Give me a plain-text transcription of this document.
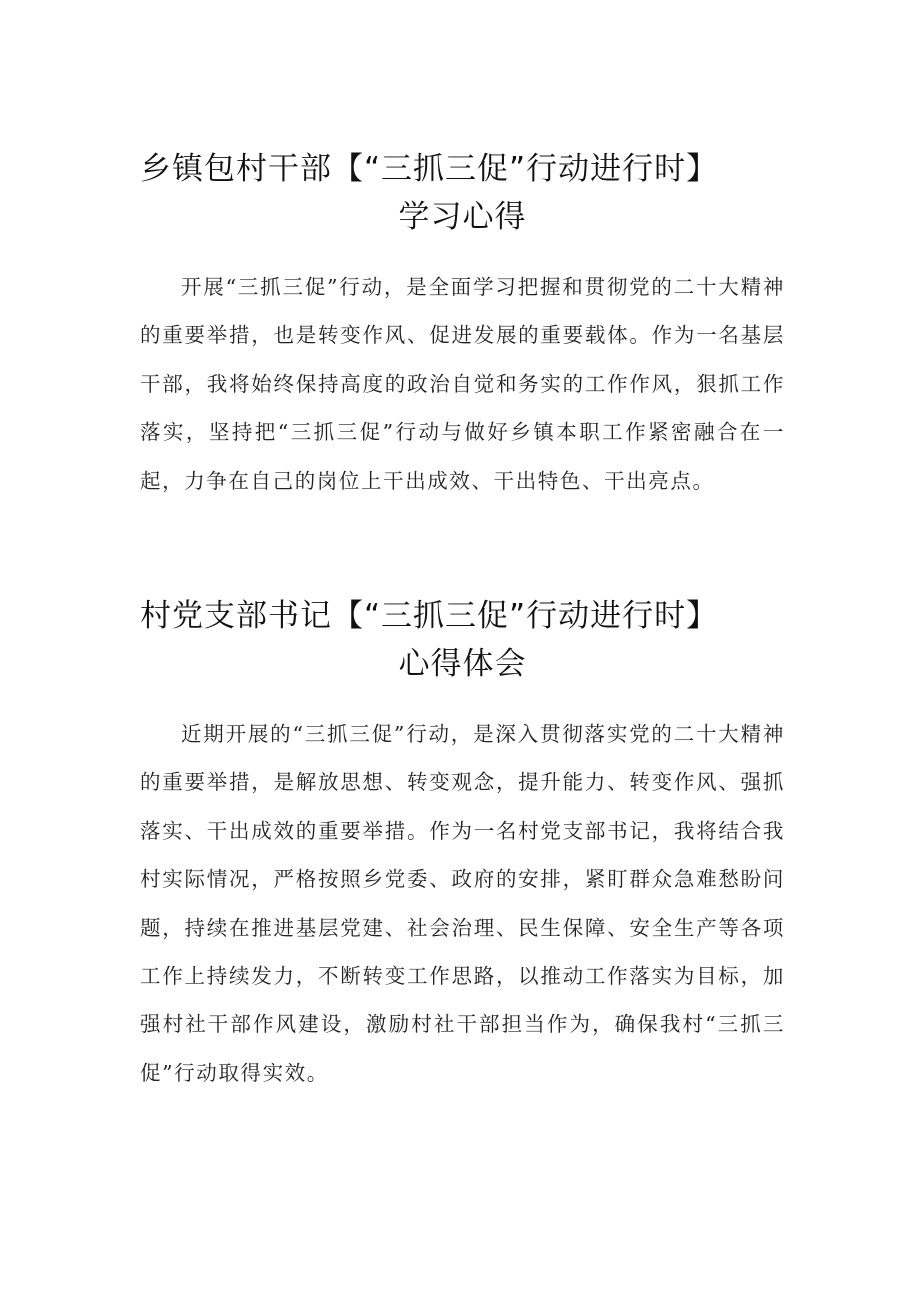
乡镇包村干部【“三抓三促”行动进行时】
学习心得

开展“三抓三促”行动，是全面学习把握和贯彻党的二十大精神的重要举措，也是转变作风、促进发展的重要载体。作为一名基层干部，我将始终保持高度的政治自觉和务实的工作作风，狠抓工作落实，坚持把“三抓三促”行动与做好乡镇本职工作紧密融合在一起，力争在自己的岗位上干出成效、干出特色、干出亮点。

村党支部书记【“三抓三促”行动进行时】
心得体会

近期开展的“三抓三促”行动，是深入贯彻落实党的二十大精神的重要举措，是解放思想、转变观念，提升能力、转变作风、强抓落实、干出成效的重要举措。作为一名村党支部书记，我将结合我村实际情况，严格按照乡党委、政府的安排，紧盯群众急难愁盼问题，持续在推进基层党建、社会治理、民生保障、安全生产等各项工作上持续发力，不断转变工作思路，以推动工作落实为目标，加强村社干部作风建设，激励村社干部担当作为，确保我村“三抓三促”行动取得实效。
